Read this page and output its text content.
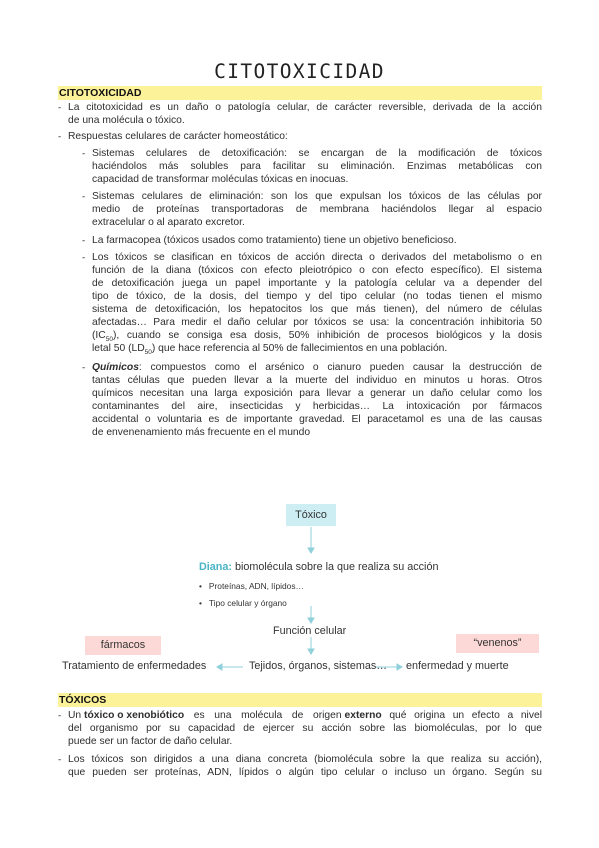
CITOTOXICIDAD
CITOTOXICIDAD
- La citotoxicidad es un daño o patología celular, de carácter reversible, derivada de la acción
de una molécula o tóxico.
- Respuestas celulares de carácter homeostático:
- Sistemas celulares de detoxificación: se encargan de la modificación de tóxicos
haciéndolos más solubles para facilitar su eliminación. Enzimas metabólicas con
capacidad de transformar moléculas tóxicas en inocuas.
- Sistemas celulares de eliminación: son los que expulsan los tóxicos de las células por
medio de proteínas transportadoras de membrana haciéndolos llegar al espacio
extracelular o al aparato excretor.
- La farmacopea (tóxicos usados como tratamiento) tiene un objetivo beneficioso.
- Los tóxicos se clasifican en tóxicos de acción directa o derivados del metabolismo o en
función de la diana (tóxicos con efecto pleiotrópico o con efecto específico). El sistema
de detoxificación juega un papel importante y la patología celular va a depender del
tipo de tóxico, de la dosis, del tiempo y del tipo celular (no todas tienen el mismo
sistema de detoxificación, los hepatocitos los que más tienen), del número de células
afectadas… Para medir el daño celular por tóxicos se usa: la concentración inhibitoria 50
($IC_{50}$ ), cuando se consiga esa dosis, 50% inhibición de procesos biológicos y la dosis
letal 50 $(LD_{50})$ que hace referencia al 50% de fallecimientos en una población.
- Químicos : compuestos como el arsénico o cianuro pueden causar la destrucción de
tantas células que pueden llevar a la muerte del individuo en minutos u horas. Otros
químicos necesitan una larga exposición para llevar a generar un daño celular como los
contaminantes del aire, insecticidas y herbicidas… La intoxicación por fármacos
accidental o voluntaria es de importante gravedad. El paracetamol es una de las causas
de envenenamiento más frecuente en el mundo
Tóxico
Diana: biomolécula sobre la que realiza su acción
•   Proteínas, ADN, lípidos…
•   Tipo celular y órgano
Función celular
fármacos	“venenos”
Tratamiento de enfermedades	Tejidos, órganos, sistemas… enfermedad y muerte
TÓXICOS
- Un tóxico o xenobiótico es una molécula de origen externo qué origina un efecto a nivel
del organismo por su capacidad de ejercer su acción sobre las biomoléculas, por lo que
puede ser un factor de daño celular.
- Los tóxicos son dirigidos a una diana concreta (biomolécula sobre la que realiza su acción),
que pueden ser proteínas, ADN, lípidos o algún tipo celular o incluso un órgano. Según su
